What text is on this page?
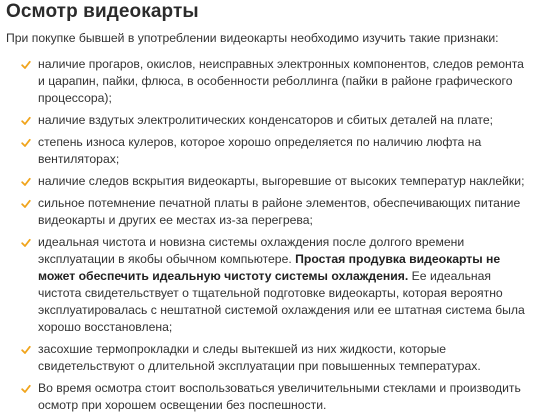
Осмотр видеокарты

При покупке бывшей в употреблении видеокарты необходимо изучить такие признаки:

наличие прогаров, окислов, неисправных электронных компонентов, следов ремонта и царапин, пайки, флюса, в особенности реболлинга (пайки в районе графического процессора);
наличие вздутых электролитических конденсаторов и сбитых деталей на плате;
степень износа кулеров, которое хорошо определяется по наличию люфта на вентиляторах;
наличие следов вскрытия видеокарты, выгоревшие от высоких температур наклейки;
сильное потемнение печатной платы в районе элементов, обеспечивающих питание видеокарты и других ее местах из-за перегрева;
идеальная чистота и новизна системы охлаждения после долгого времени эксплуатации в якобы обычном компьютере. Простая продувка видеокарты не может обеспечить идеальную чистоту системы охлаждения. Ее идеальная чистота свидетельствует о тщательной подготовке видеокарты, которая вероятно эксплуатировалась с нештатной системой охлаждения или ее штатная система была хорошо восстановлена;
засохшие термопрокладки и следы вытекшей из них жидкости, которые свидетельствуют о длительной эксплуатации при повышенных температурах.
Во время осмотра стоит воспользоваться увеличительными стеклами и производить осмотр при хорошем освещении без поспешности.
